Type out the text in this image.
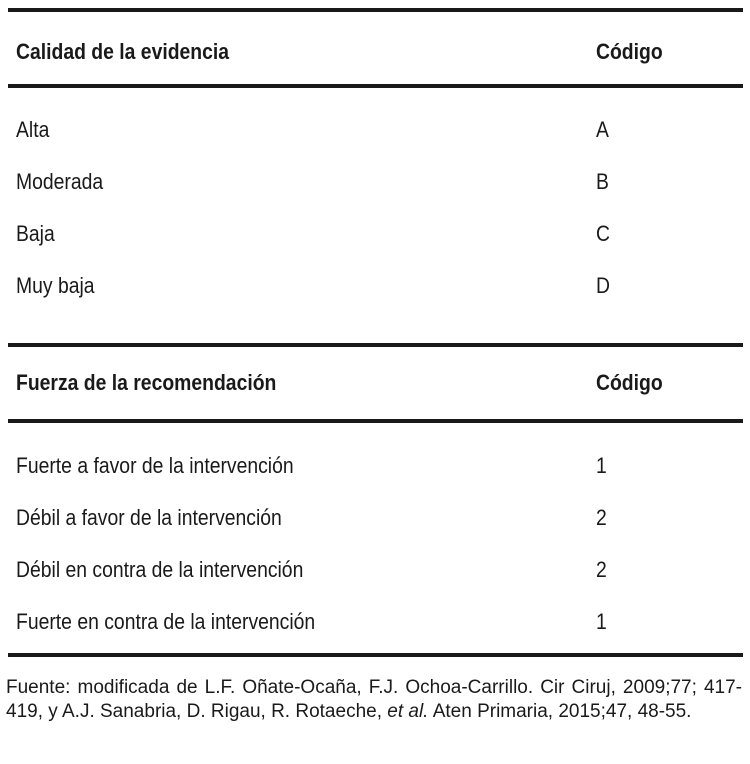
Calidad de la evidencia	Código
Alta	A
Moderada	B
Baja	C
Muy baja	D
Fuerza de la recomendación	Código
Fuerte a favor de la intervención	1
Débil a favor de la intervención	2
Débil en contra de la intervención	2
Fuerte en contra de la intervención	1
Fuente: modificada de L.F. Oñate-Ocaña, F.J. Ochoa-Carrillo. Cir Ciruj, 2009;77; 417-419, y A.J. Sanabria, D. Rigau, R. Rotaeche, et al. Aten Primaria, 2015;47, 48-55.
